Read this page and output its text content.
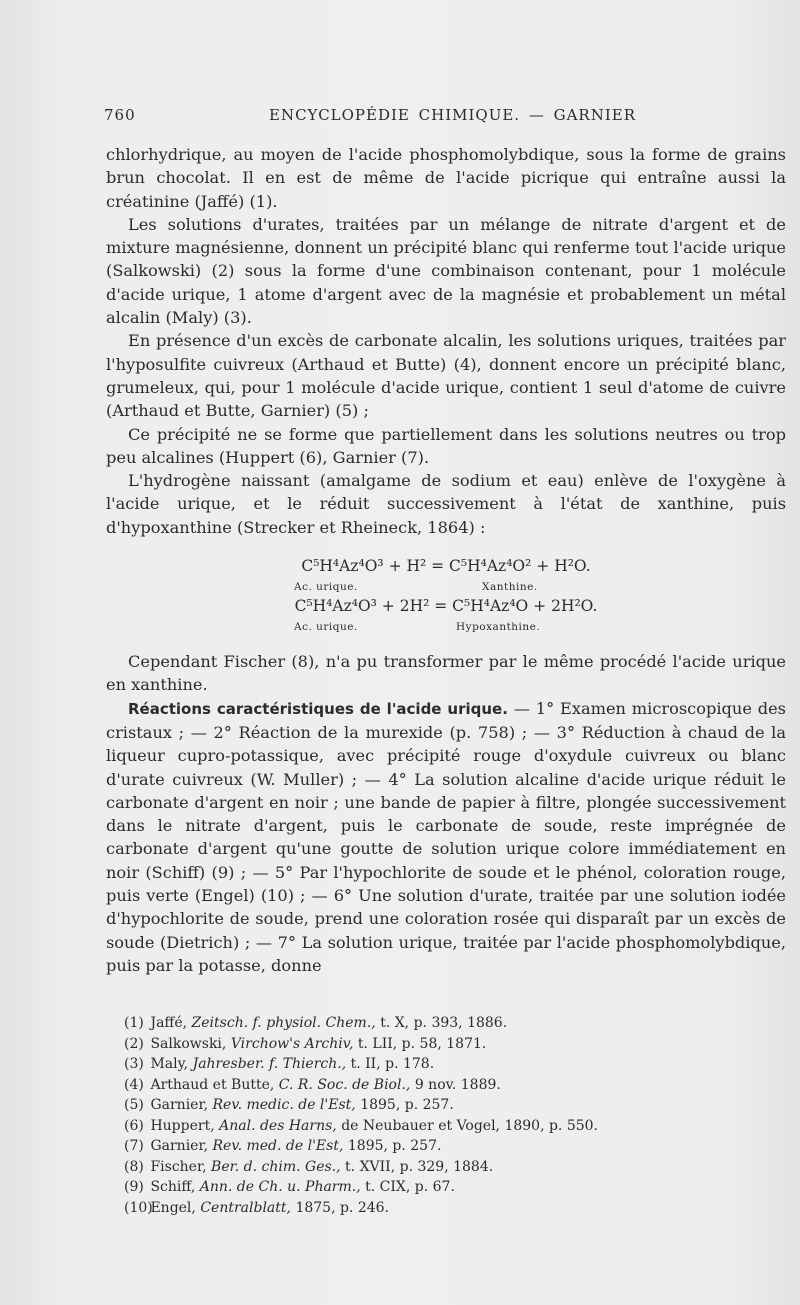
760	ENCYCLOPÉDIE CHIMIQUE. — GARNIER

chlorhydrique, au moyen de l'acide phosphomolybdique, sous la forme de grains brun chocolat. Il en est de même de l'acide picrique qui entraîne aussi la créatinine (Jaffé) (1).

Les solutions d'urates, traitées par un mélange de nitrate d'argent et de mixture magnésienne, donnent un précipité blanc qui renferme tout l'acide urique (Salkowski) (2) sous la forme d'une combinaison contenant, pour 1 molécule d'acide urique, 1 atome d'argent avec de la magnésie et probablement un métal alcalin (Maly) (3).

En présence d'un excès de carbonate alcalin, les solutions uriques, traitées par l'hyposulfite cuivreux (Arthaud et Butte) (4), donnent encore un précipité blanc, grumeleux, qui, pour 1 molécule d'acide urique, contient 1 seul d'atome de cuivre (Arthaud et Butte, Garnier) (5) ;

Ce précipité ne se forme que partiellement dans les solutions neutres ou trop peu alcalines (Huppert (6), Garnier (7).

L'hydrogène naissant (amalgame de sodium et eau) enlève de l'oxygène à l'acide urique, et le réduit successivement à l'état de xanthine, puis d'hypoxanthine (Strecker et Rheineck, 1864) :

C⁵H⁴Az⁴O³ + H² = C⁵H⁴Az⁴O² + H²O.
Ac. urique.	Xanthine.
C⁵H⁴Az⁴O³ + 2H² = C⁵H⁴Az⁴O + 2H²O.
Ac. urique.	Hypoxanthine.

Cependant Fischer (8), n'a pu transformer par le même procédé l'acide urique en xanthine.

Réactions caractéristiques de l'acide urique. — 1° Examen microscopique des cristaux ; — 2° Réaction de la murexide (p. 758) ; — 3° Réduction à chaud de la liqueur cupro-potassique, avec précipité rouge d'oxydule cuivreux ou blanc d'urate cuivreux (W. Muller) ; — 4° La solution alcaline d'acide urique réduit le carbonate d'argent en noir ; une bande de papier à filtre, plongée successivement dans le nitrate d'argent, puis le carbonate de soude, reste imprégnée de carbonate d'argent qu'une goutte de solution urique colore immédiatement en noir (Schiff) (9) ; — 5° Par l'hypochlorite de soude et le phénol, coloration rouge, puis verte (Engel) (10) ; — 6° Une solution d'urate, traitée par une solution iodée d'hypochlorite de soude, prend une coloration rosée qui disparaît par un excès de soude (Dietrich) ; — 7° La solution urique, traitée par l'acide phosphomolybdique, puis par la potasse, donne

(1) Jaffé, Zeitsch. f. physiol. Chem., t. X, p. 393, 1886.
(2) Salkowski, Virchow's Archiv, t. LII, p. 58, 1871.
(3) Maly, Jahresber. f. Thierch., t. II, p. 178.
(4) Arthaud et Butte, C. R. Soc. de Biol., 9 nov. 1889.
(5) Garnier, Rev. medic. de l'Est, 1895, p. 257.
(6) Huppert, Anal. des Harns, de Neubauer et Vogel, 1890, p. 550.
(7) Garnier, Rev. med. de l'Est, 1895, p. 257.
(8) Fischer, Ber. d. chim. Ges., t. XVII, p. 329, 1884.
(9) Schiff, Ann. de Ch. u. Pharm., t. CIX, p. 67.
(10) Engel, Centralblatt, 1875, p. 246.
